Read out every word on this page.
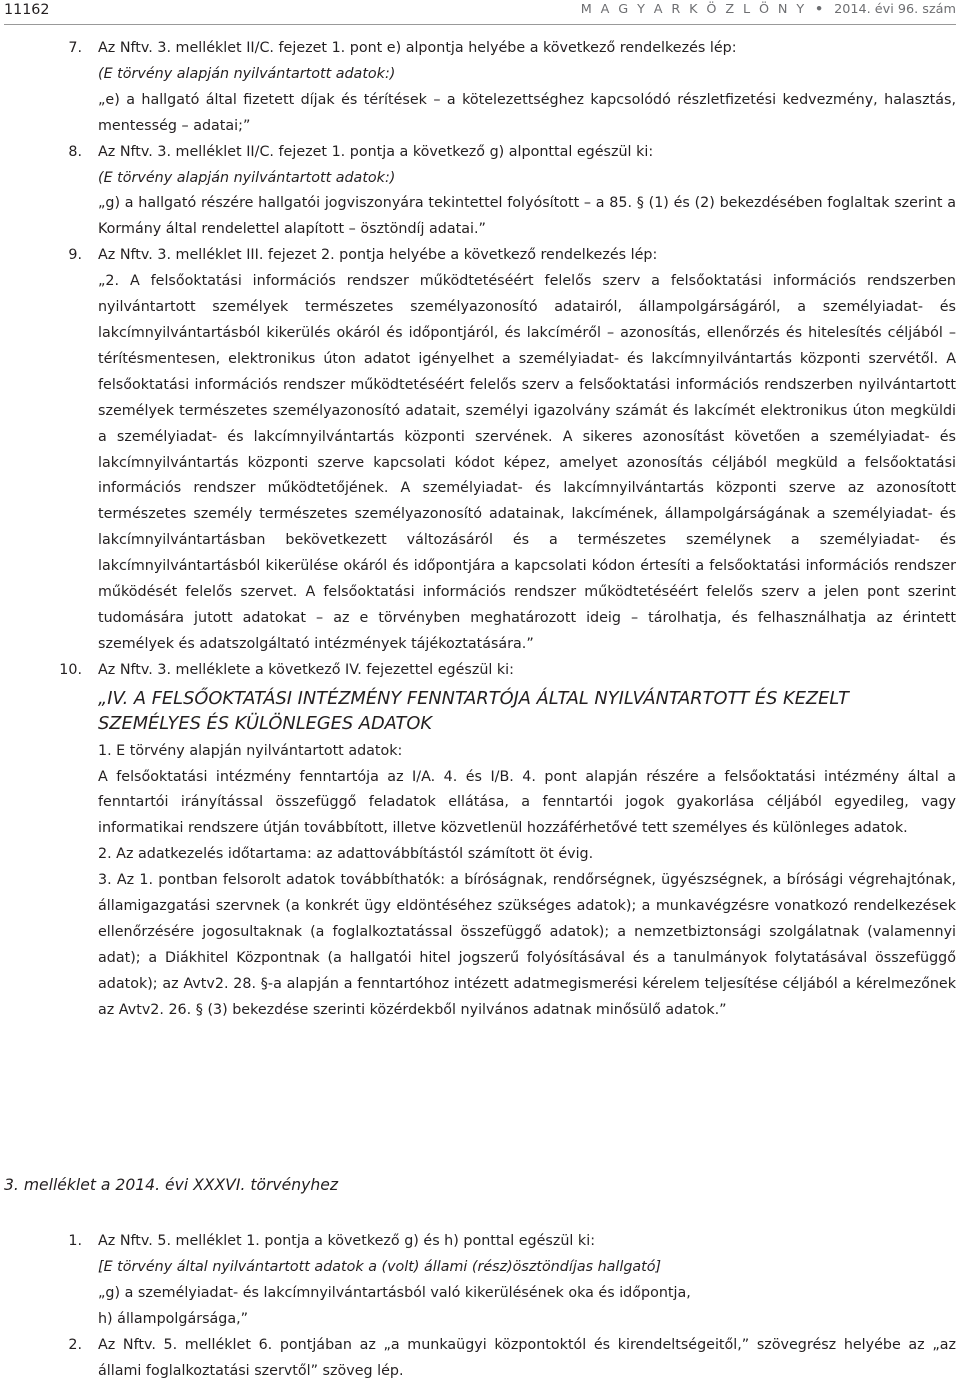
11162	M A G Y A R K Ö Z L Ö N Y • 2014. évi 96. szám
7. Az Nftv. 3. melléklet II/C. fejezet 1. pont e) alpontja helyébe a következő rendelkezés lép:

(E törvény alapján nyilvántartott adatok:)

„e) a hallgató által fizetett díjak és térítések – a kötelezettséghez kapcsolódó részletfizetési kedvezmény, halasztás, mentesség – adatai;”

8. Az Nftv. 3. melléklet II/C. fejezet 1. pontja a következő g) alponttal egészül ki:

(E törvény alapján nyilvántartott adatok:)

„g) a hallgató részére hallgatói jogviszonyára tekintettel folyósított – a 85. § (1) és (2) bekezdésében foglaltak szerint a Kormány által rendelettel alapított – ösztöndíj adatai.”

9. Az Nftv. 3. melléklet III. fejezet 2. pontja helyébe a következő rendelkezés lép:

„2. A felsőoktatási információs rendszer működtetéséért felelős szerv a felsőoktatási információs rendszerben nyilvántartott személyek természetes személyazonosító adatairól, állampolgárságáról, a személyiadat- és lakcímnyilvántartásból kikerülés okáról és időpontjáról, és lakcíméről – azonosítás, ellenőrzés és hitelesítés céljából – térítésmentesen, elektronikus úton adatot igényelhet a személyiadat- és lakcímnyilvántartás központi szervétől. A felsőoktatási információs rendszer működtetéséért felelős szerv a felsőoktatási információs rendszerben nyilvántartott személyek természetes személyazonosító adatait, személyi igazolvány számát és lakcímét elektronikus úton megküldi a személyiadat- és lakcímnyilvántartás központi szervének. A sikeres azonosítást követően a személyiadat- és lakcímnyilvántartás központi szerve kapcsolati kódot képez, amelyet azonosítás céljából megküld a felsőoktatási információs rendszer működtetőjének. A személyiadat- és lakcímnyilvántartás központi szerve az azonosított természetes személy természetes személyazonosító adatainak, lakcímének, állampolgárságának a személyiadat- és lakcímnyilvántartásban bekövetkezett változásáról és a természetes személynek a személyiadat- és lakcímnyilvántartásból kikerülése okáról és időpontjára a kapcsolati kódon értesíti a felsőoktatási információs rendszer működését felelős szervet. A felsőoktatási információs rendszer működtetéséért felelős szerv a jelen pont szerint tudomására jutott adatokat – az e törvényben meghatározott ideig – tárolhatja, és felhasználhatja az érintett személyek és adatszolgáltató intézmények tájékoztatására.”

10. Az Nftv. 3. melléklete a következő IV. fejezettel egészül ki:

„IV. A FELSŐOKTATÁSI INTÉZMÉNY FENNTARTÓJA ÁLTAL NYILVÁNTARTOTT ÉS KEZELT SZEMÉLYES ÉS KÜLÖNLEGES ADATOK

1. E törvény alapján nyilvántartott adatok:

A felsőoktatási intézmény fenntartója az I/A. 4. és I/B. 4. pont alapján részére a felsőoktatási intézmény által a fenntartói irányítással összefüggő feladatok ellátása, a fenntartói jogok gyakorlása céljából egyedileg, vagy informatikai rendszere útján továbbított, illetve közvetlenül hozzáférhetővé tett személyes és különleges adatok.

2. Az adatkezelés időtartama: az adattovábbítástól számított öt évig.

3. Az 1. pontban felsorolt adatok továbbíthatók: a bíróságnak, rendőrségnek, ügyészségnek, a bírósági végrehajtónak, államigazgatási szervnek (a konkrét ügy eldöntéséhez szükséges adatok); a munkavégzésre vonatkozó rendelkezések ellenőrzésére jogosultaknak (a foglalkoztatással összefüggő adatok); a nemzetbiztonsági szolgálatnak (valamennyi adat); a Diákhitel Központnak (a hallgatói hitel jogszerű folyósításával és a tanulmányok folytatásával összefüggő adatok); az Avtv2. 28. §-a alapján a fenntartóhoz intézett adatmegismerési kérelem teljesítése céljából a kérelmezőnek az Avtv2. 26. § (3) bekezdése szerinti közérdekből nyilvános adatnak minősülő adatok.”

3. melléklet a 2014. évi XXXVI. törvényhez
1. Az Nftv. 5. melléklet 1. pontja a következő g) és h) ponttal egészül ki:

[E törvény által nyilvántartott adatok a (volt) állami (rész)ösztöndíjas hallgató]

„g) a személyiadat- és lakcímnyilvántartásból való kikerülésének oka és időpontja,

h) állampolgársága,”

2. Az Nftv. 5. melléklet 6. pontjában az „a munkaügyi központoktól és kirendeltségeitől,” szövegrész helyébe az „az állami foglalkoztatási szervtől” szöveg lép.
